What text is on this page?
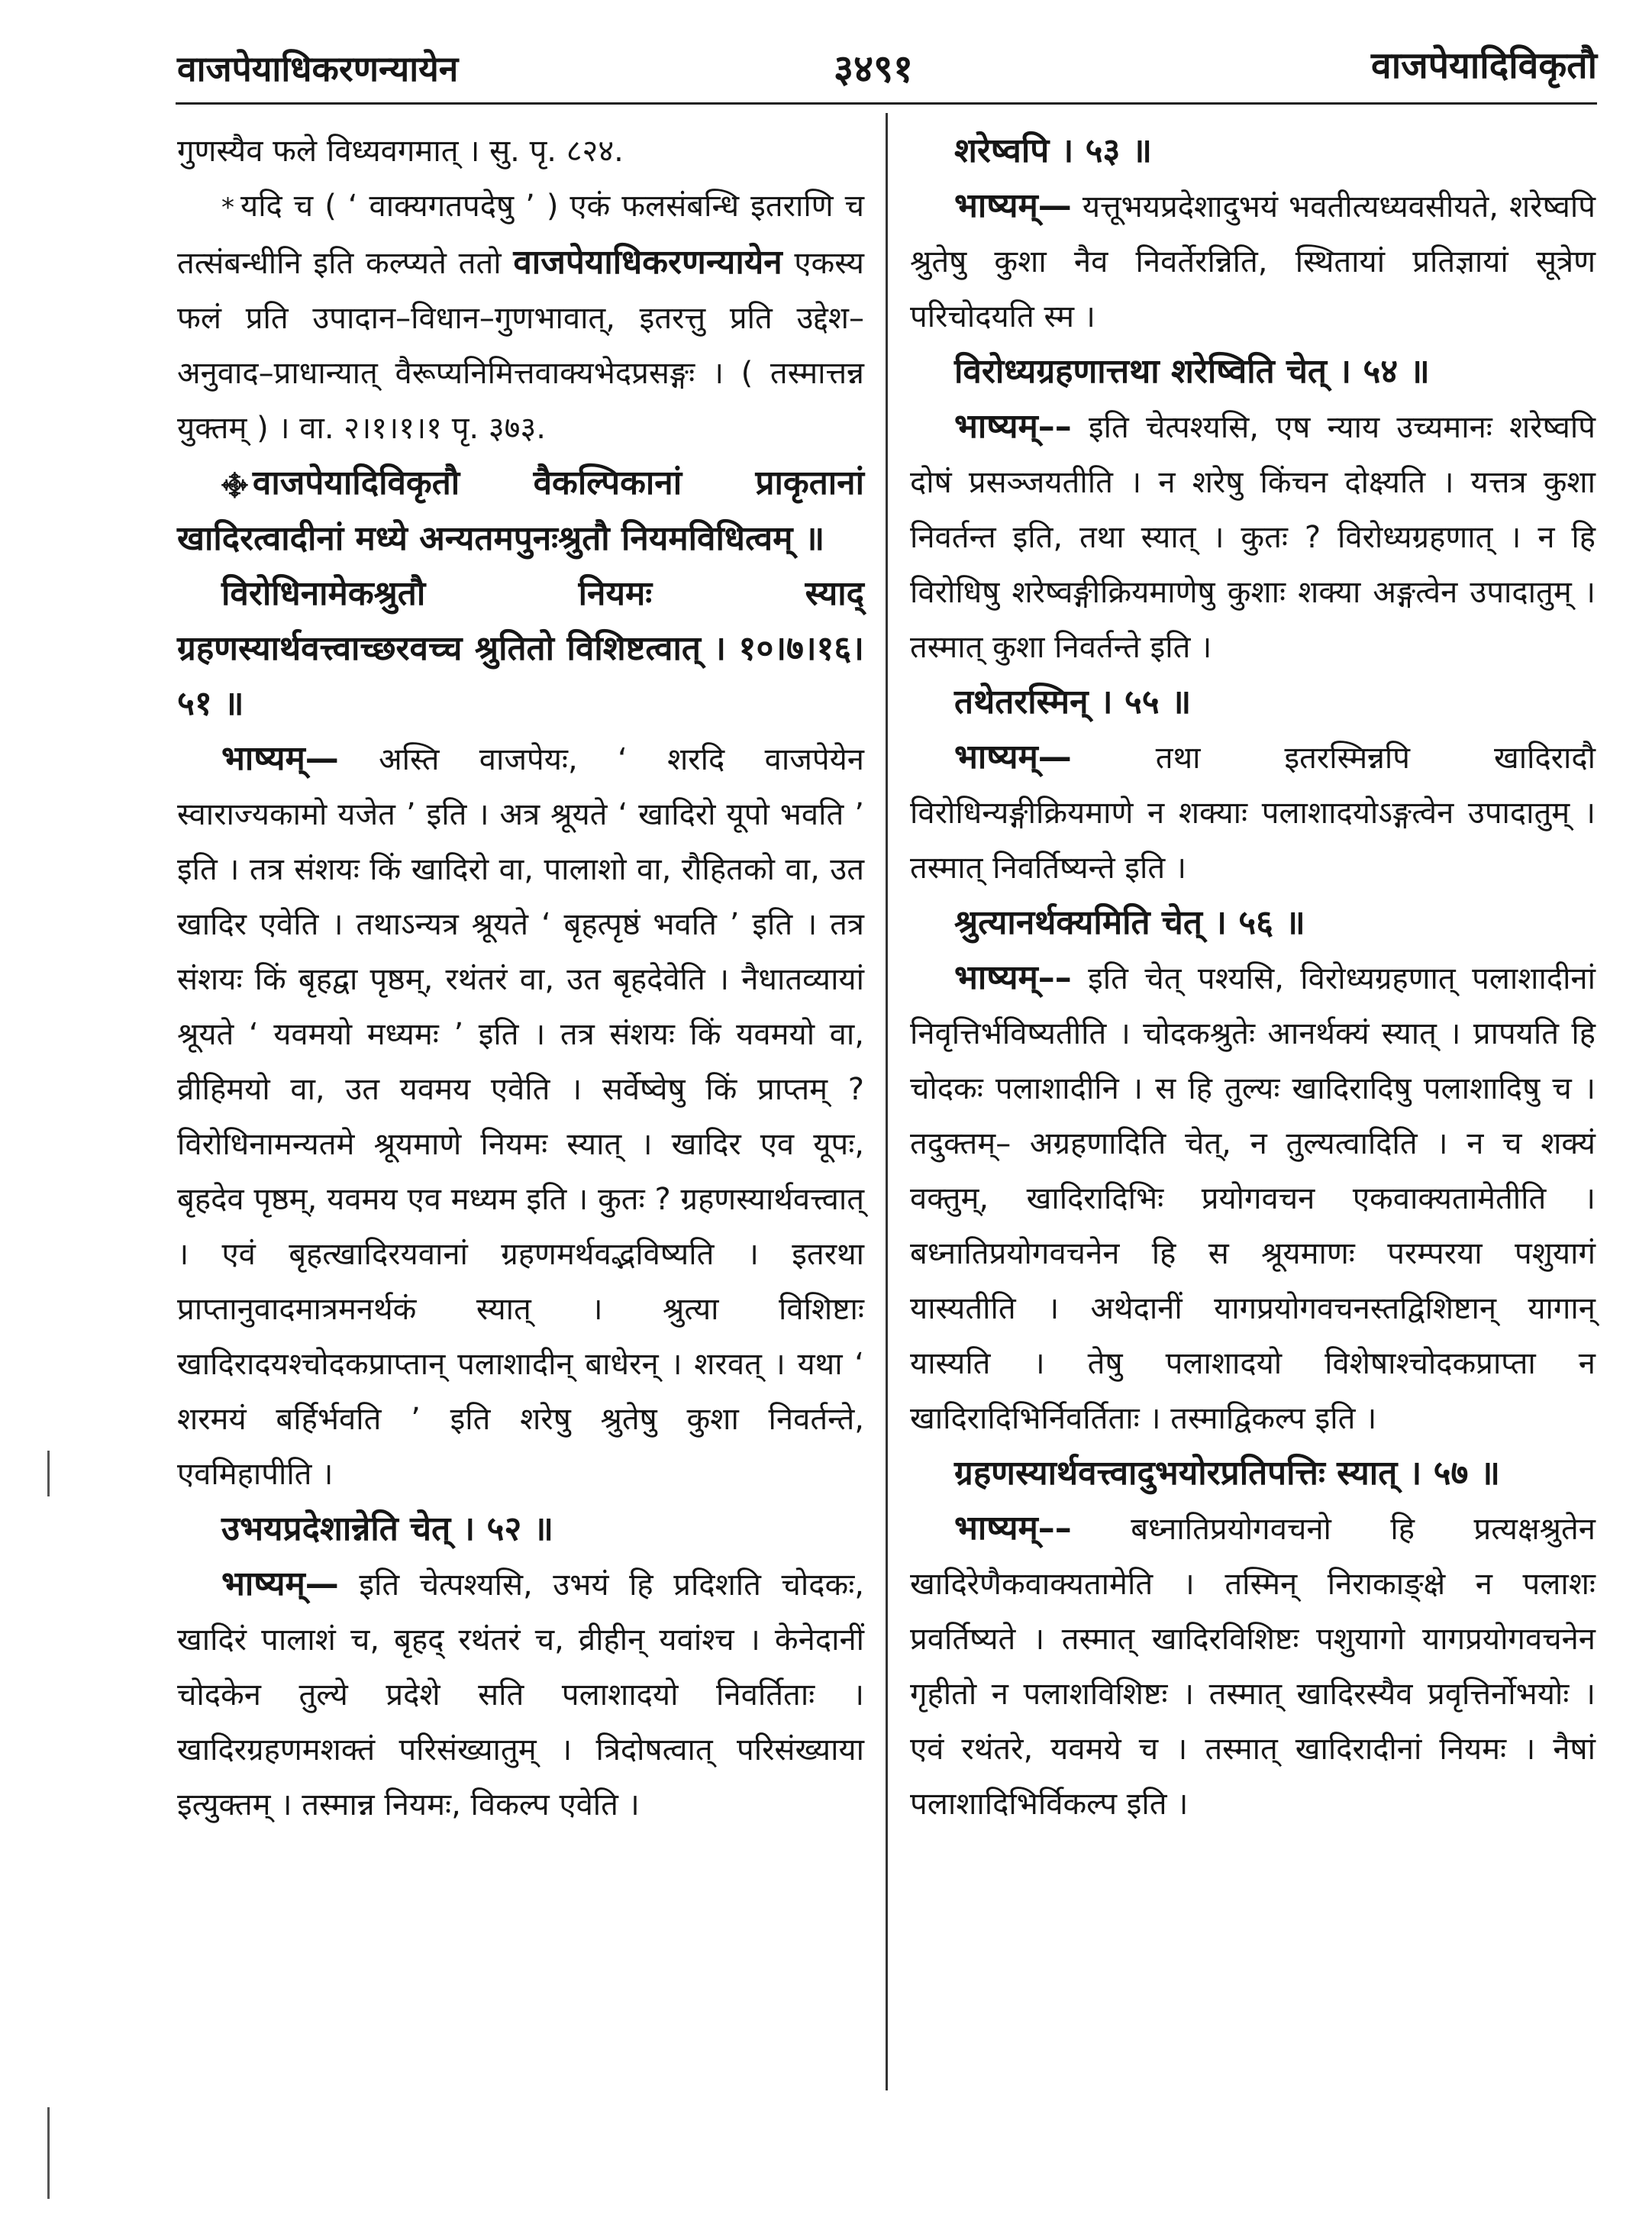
वाजपेयाधिकरणन्यायेन	३४९१	वाजपेयादिविकृतौ

गुणस्यैव फले विध्यवगमात् । सु. पृ. ८२४.

* यदि च ( ‘ वाक्यगतपदेषु ’ ) एकं फलसंबन्धि इतराणि च तत्संबन्धीनि इति कल्प्यते ततो वाजपेयाधिकरणन्यायेन एकस्य फलं प्रति उपादान–विधान–गुणभावात्, इतरत्तु प्रति उद्देश–अनुवाद–प्राधान्यात् वैरूप्यनिमित्तवाक्यभेदप्रसङ्गः । ( तस्मात्तन्न युक्तम् ) । वा. २।१।१।१ पृ. ३७३.

࿇ वाजपेयादिविकृतौ वैकल्पिकानां प्राकृतानां खादिरत्वादीनां मध्ये अन्यतमपुनःश्रुतौ नियमविधित्वम् ॥

विरोधिनामेकश्रुतौ नियमः स्याद् ग्रहणस्यार्थवत्त्वाच्छरवच्च श्रुतितो विशिष्टत्वात् । १०।७।१६। ५१ ॥

भाष्यम्— अस्ति वाजपेयः, ‘ शरदि वाजपेयेन स्वाराज्यकामो यजेत ’ इति । अत्र श्रूयते ‘ खादिरो यूपो भवति ’ इति । तत्र संशयः किं खादिरो वा, पालाशो वा, रौहितको वा, उत खादिर एवेति । तथाऽन्यत्र श्रूयते ‘ बृहत्पृष्ठं भवति ’ इति । तत्र संशयः किं बृहद्वा पृष्ठम्, रथंतरं वा, उत बृहदेवेति । नैधातव्यायां श्रूयते ‘ यवमयो मध्यमः ’ इति । तत्र संशयः किं यवमयो वा, व्रीहिमयो वा, उत यवमय एवेति । सर्वेष्वेषु किं प्राप्तम् ? विरोधिनामन्यतमे श्रूयमाणे नियमः स्यात् । खादिर एव यूपः, बृहदेव पृष्ठम्, यवमय एव मध्यम इति । कुतः ? ग्रहणस्यार्थवत्त्वात् । एवं बृहत्खादिरयवानां ग्रहणमर्थवद्भविष्यति । इतरथा प्राप्तानुवादमात्रमनर्थकं स्यात् । श्रुत्या विशिष्टाः खादिरादयश्चोदकप्राप्तान् पलाशादीन् बाधेरन् । शरवत् । यथा ‘ शरमयं बर्हिर्भवति ’ इति शरेषु श्रुतेषु कुशा निवर्तन्ते, एवमिहापीति ।

उभयप्रदेशान्नेति चेत् । ५२ ॥

भाष्यम्— इति चेत्पश्यसि, उभयं हि प्रदिशति चोदकः, खादिरं पालाशं च, बृहद् रथंतरं च, व्रीहीन् यवांश्च । केनेदानीं चोदकेन तुल्ये प्रदेशे सति पलाशादयो निवर्तिताः । खादिरग्रहणमशक्तं परिसंख्यातुम् । त्रिदोषत्वात् परिसंख्याया इत्युक्तम् । तस्मान्न नियमः, विकल्प एवेति ।

शरेष्वपि । ५३ ॥

भाष्यम्— यत्तूभयप्रदेशादुभयं भवतीत्यध्यवसीयते, शरेष्वपि श्रुतेषु कुशा नैव निवर्तेरन्निति, स्थितायां प्रतिज्ञायां सूत्रेण परिचोदयति स्म ।

विरोध्यग्रहणात्तथा शरेष्विति चेत् । ५४ ॥

भाष्यम्–– इति चेत्पश्यसि, एष न्याय उच्यमानः शरेष्वपि दोषं प्रसञ्जयतीति । न शरेषु किंचन दोक्ष्यति । यत्तत्र कुशा निवर्तन्त इति, तथा स्यात् । कुतः ? विरोध्यग्रहणात् । न हि विरोधिषु शरेष्वङ्गीक्रियमाणेषु कुशाः शक्या अङ्गत्वेन उपादातुम् । तस्मात् कुशा निवर्तन्ते इति ।

तथेतरस्मिन् । ५५ ॥

भाष्यम्—	तथा इतरस्मिन्नपि खादिरादौ विरोधिन्यङ्गीक्रियमाणे न शक्याः पलाशादयोऽङ्गत्वेन उपादातुम् । तस्मात् निवर्तिष्यन्ते इति ।

श्रुत्यानर्थक्यमिति चेत् । ५६ ॥

भाष्यम्–– इति चेत् पश्यसि, विरोध्यग्रहणात् पलाशादीनां निवृत्तिर्भविष्यतीति । चोदकश्रुतेः आनर्थक्यं स्यात् । प्रापयति हि चोदकः पलाशादीनि । स हि तुल्यः खादिरादिषु पलाशादिषु च । तदुक्तम्– अग्रहणादिति चेत्, न तुल्यत्वादिति । न च शक्यं वक्तुम्, खादिरादिभिः प्रयोगवचन एकवाक्यतामेतीति । बध्नातिप्रयोगवचनेन हि स श्रूयमाणः परम्परया पशुयागं यास्यतीति । अथेदानीं यागप्रयोगवचनस्तद्विशिष्टान् यागान् यास्यति । तेषु पलाशादयो विशेषाश्चोदकप्राप्ता न खादिरादिभिर्निवर्तिताः । तस्माद्विकल्प इति ।

ग्रहणस्यार्थवत्त्वादुभयोरप्रतिपत्तिः स्यात् । ५७ ॥

भाष्यम्–– बध्नातिप्रयोगवचनो हि प्रत्यक्षश्रुतेन खादिरेणैकवाक्यतामेति । तस्मिन् निराकाङ्क्षे न पलाशः प्रवर्तिष्यते । तस्मात् खादिरविशिष्टः पशुयागो यागप्रयोगवचनेन गृहीतो न पलाशविशिष्टः । तस्मात् खादिरस्यैव प्रवृत्तिर्नोभयोः । एवं रथंतरे, यवमये च । तस्मात् खादिरादीनां नियमः । नैषां पलाशादिभिर्विकल्प इति ।
